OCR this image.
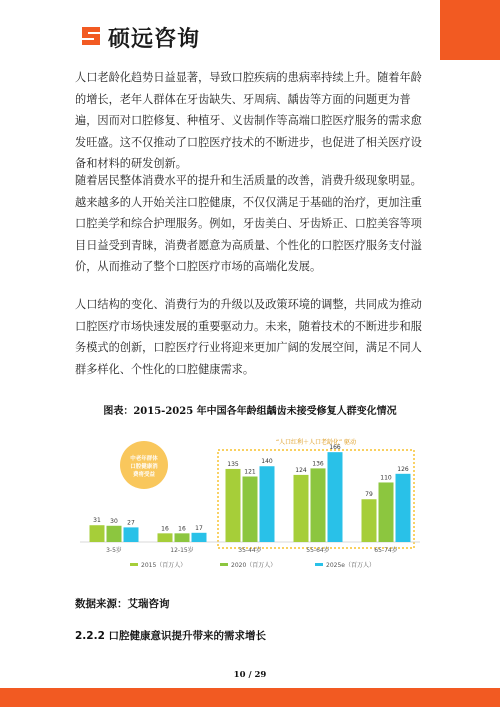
硕远咨询

人口老龄化趋势日益显著，导致口腔疾病的患病率持续上升。随着年龄的增长，老年人群体在牙齿缺失、牙周病、龋齿等方面的问题更为普遍，因而对口腔修复、种植牙、义齿制作等高端口腔医疗服务的需求愈发旺盛。这不仅推动了口腔医疗技术的不断进步，也促进了相关医疗设备和材料的研发创新。

随着居民整体消费水平的提升和生活质量的改善，消费升级现象明显。越来越多的人开始关注口腔健康，不仅仅满足于基础的治疗，更加注重口腔美学和综合护理服务。例如，牙齿美白、牙齿矫正、口腔美容等项目日益受到青睐，消费者愿意为高质量、个性化的口腔医疗服务支付溢价，从而推动了整个口腔医疗市场的高端化发展。

人口结构的变化、消费行为的升级以及政策环境的调整，共同成为推动口腔医疗市场快速发展的重要驱动力。未来，随着技术的不断进步和服务模式的创新，口腔医疗行业将迎来更加广阔的发展空间，满足不同人群多样化、个性化的口腔健康需求。

图表：2015-2025 年中国各年龄组龋齿未接受修复人群变化情况
“人口红利＋人口老龄化” 驱动
中老年群体
口腔健康消
费将受益
31 30 27
3-5岁
16 16 17
12-15岁
135
121
140
35-44岁
124
136
166
55-64岁
79
110
126
65-74岁
2015（百万人）	2020（百万人）	2025e（百万人）
数据来源：艾瑞咨询
2.2.2 口腔健康意识提升带来的需求增长
10 / 29
